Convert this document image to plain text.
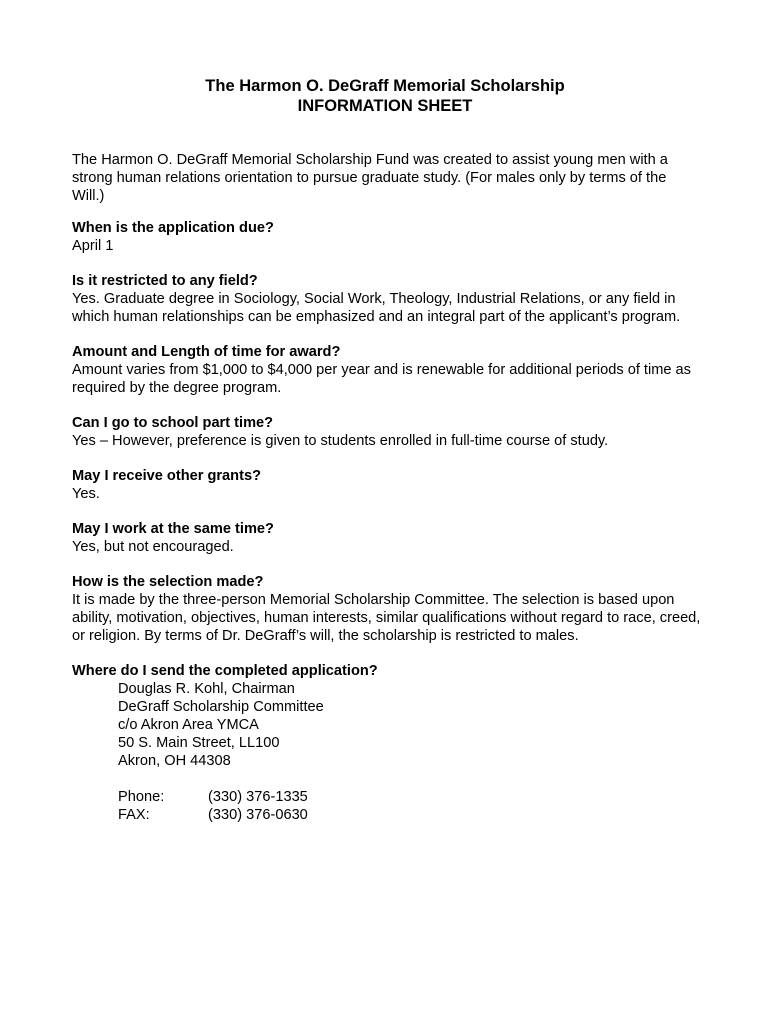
The Harmon O. DeGraff Memorial Scholarship
INFORMATION SHEET

The Harmon O. DeGraff Memorial Scholarship Fund was created to assist young men with a strong human relations orientation to pursue graduate study. (For males only by terms of the Will.)

When is the application due?
April 1
Is it restricted to any field?
Yes. Graduate degree in Sociology, Social Work, Theology, Industrial Relations, or any field in which human relationships can be emphasized and an integral part of the applicant’s program.
Amount and Length of time for award?
Amount varies from $1,000 to $4,000 per year and is renewable for additional periods of time as required by the degree program.
Can I go to school part time?
Yes – However, preference is given to students enrolled in full-time course of study.
May I receive other grants?
Yes.
May I work at the same time?
Yes, but not encouraged.
How is the selection made?
It is made by the three-person Memorial Scholarship Committee. The selection is based upon ability, motivation, objectives, human interests, similar qualifications without regard to race, creed, or religion. By terms of Dr. DeGraff’s will, the scholarship is restricted to males.
Where do I send the completed application?
Douglas R. Kohl, Chairman
DeGraff Scholarship Committee
c/o Akron Area YMCA
50 S. Main Street, LL100
Akron, OH 44308
Phone:	(330) 376-1335
FAX:	(330) 376-0630
